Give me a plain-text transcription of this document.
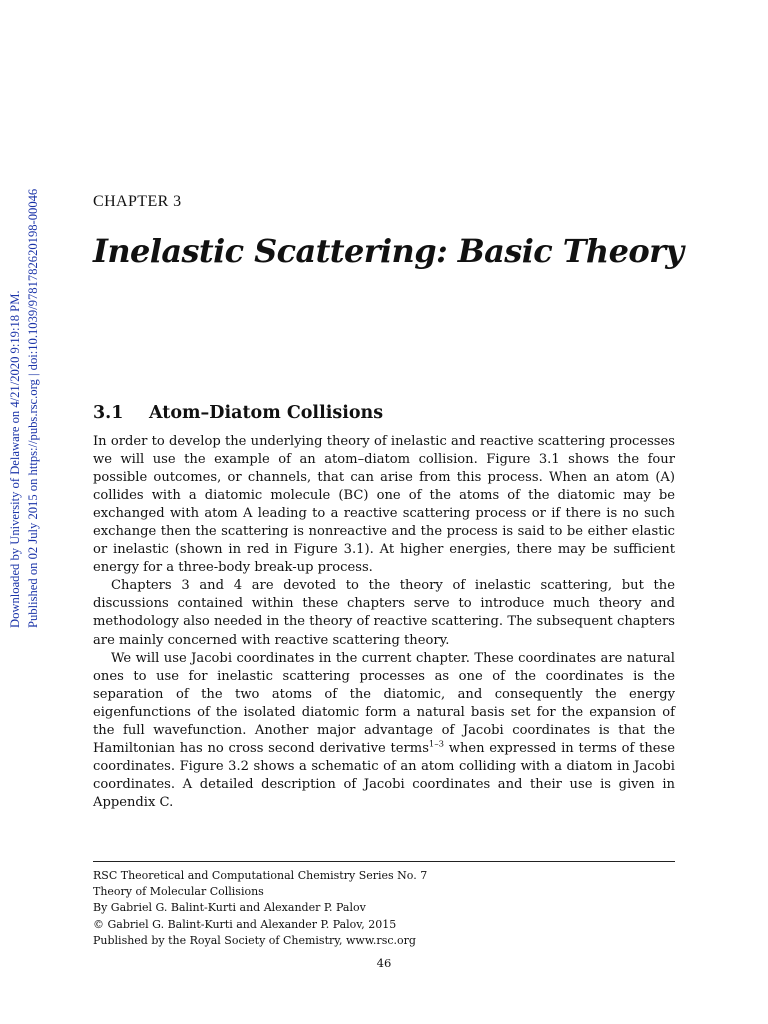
Downloaded by University of Delaware on 4/21/2020 9:19:18 PM. Published on 02 July 2015 on https://pubs.rsc.org | doi:10.1039/9781782620198-00046	CHAPTER 3
Inelastic Scattering: Basic Theory
3.1 Atom–Diatom Collisions

In order to develop the underlying theory of inelastic and reactive scattering processes we will use the example of an atom–diatom collision. Figure 3.1 shows the four possible outcomes, or channels, that can arise from this process. When an atom (A) collides with a diatomic molecule (BC) one of the atoms of the diatomic may be exchanged with atom A leading to a reactive scattering process or if there is no such exchange then the scattering is nonreactive and the process is said to be either elastic or inelastic (shown in red in Figure 3.1). At higher energies, there may be sufficient energy for a three-body break-up process.

Chapters 3 and 4 are devoted to the theory of inelastic scattering, but the discussions contained within these chapters serve to introduce much theory and methodology also needed in the theory of reactive scattering. The subsequent chapters are mainly concerned with reactive scattering theory.

We will use Jacobi coordinates in the current chapter. These coordinates are natural ones to use for inelastic scattering processes as one of the coordinates is the separation of the two atoms of the diatomic, and consequently the energy eigenfunctions of the isolated diatomic form a natural basis set for the expansion of the full wavefunction. Another major advantage of Jacobi coordinates is that the Hamiltonian has no cross second derivative terms$^{1-3}$ when expressed in terms of these coordinates. Figure 3.2 shows a schematic of an atom colliding with a diatom in Jacobi coordinates. A detailed description of Jacobi coordinates and their use is given in Appendix C.

RSC Theoretical and Computational Chemistry Series No. 7
Theory of Molecular Collisions
By Gabriel G. Balint-Kurti and Alexander P. Palov
© Gabriel G. Balint-Kurti and Alexander P. Palov, 2015
Published by the Royal Society of Chemistry, www.rsc.org
46
